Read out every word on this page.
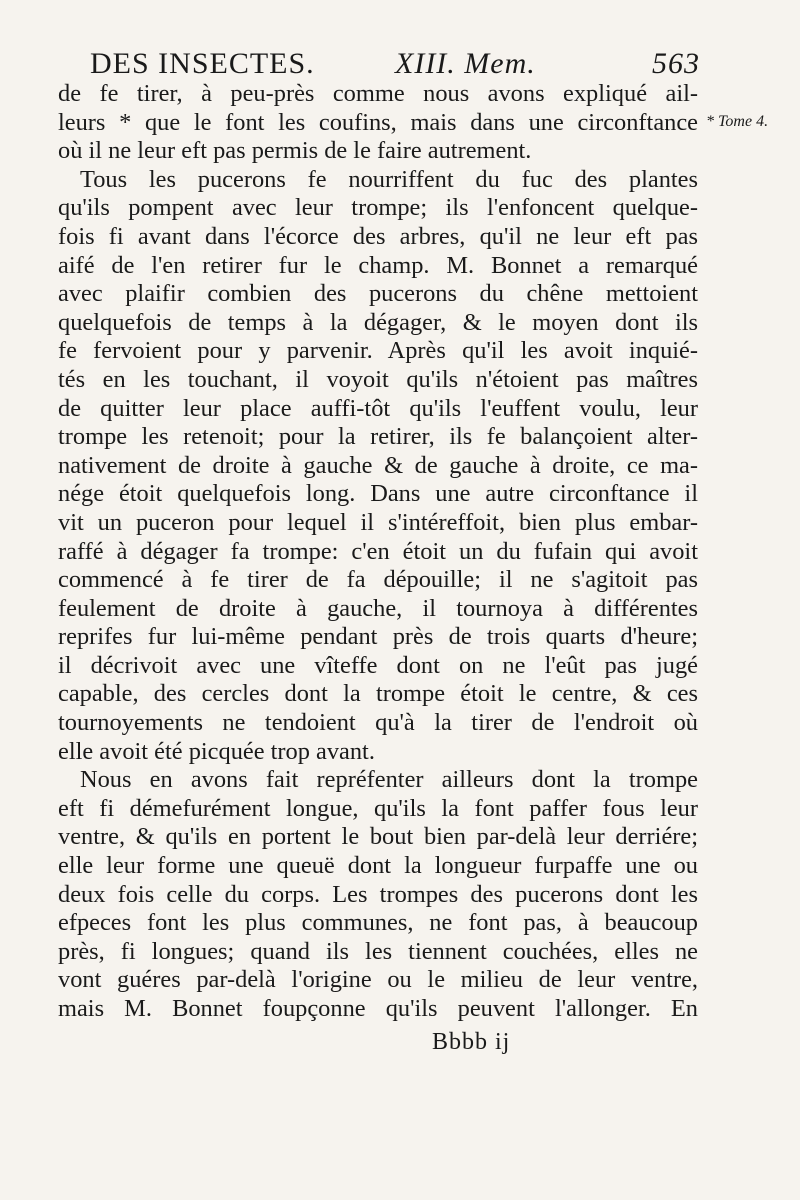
DES INSECTES.	XIII. Mem.	563
* Tome 4.
de fe tirer, à peu-près comme nous avons expliqué ail-
leurs * que le font les coufins, mais dans une circonftance
où il ne leur eft pas permis de le faire autrement.
Tous les pucerons fe nourriffent du fuc des plantes
qu'ils pompent avec leur trompe; ils l'enfoncent quelque-
fois fi avant dans l'écorce des arbres, qu'il ne leur eft pas
aifé de l'en retirer fur le champ. M. Bonnet a remarqué
avec plaifir combien des pucerons du chêne mettoient
quelquefois de temps à la dégager, & le moyen dont ils
fe fervoient pour y parvenir. Après qu'il les avoit inquié-
tés en les touchant, il voyoit qu'ils n'étoient pas maîtres
de quitter leur place auffi-tôt qu'ils l'euffent voulu, leur
trompe les retenoit; pour la retirer, ils fe balançoient alter-
nativement de droite à gauche & de gauche à droite, ce ma-
nége étoit quelquefois long. Dans une autre circonftance il
vit un puceron pour lequel il s'intéreffoit, bien plus embar-
raffé à dégager fa trompe: c'en étoit un du fufain qui avoit
commencé à fe tirer de fa dépouille; il ne s'agitoit pas
feulement de droite à gauche, il tournoya à différentes
reprifes fur lui-même pendant près de trois quarts d'heure;
il décrivoit avec une vîteffe dont on ne l'eût pas jugé
capable, des cercles dont la trompe étoit le centre, & ces
tournoyements ne tendoient qu'à la tirer de l'endroit où
elle avoit été picquée trop avant.
Nous en avons fait repréfenter ailleurs dont la trompe
eft fi démefurément longue, qu'ils la font paffer fous leur
ventre, & qu'ils en portent le bout bien par-delà leur derriére;
elle leur forme une queuë dont la longueur furpaffe une ou
deux fois celle du corps. Les trompes des pucerons dont les
efpeces font les plus communes, ne font pas, à beaucoup
près, fi longues; quand ils les tiennent couchées, elles ne
vont guéres par-delà l'origine ou le milieu de leur ventre,
mais M. Bonnet foupçonne qu'ils peuvent l'allonger. En
Bbbb ij
